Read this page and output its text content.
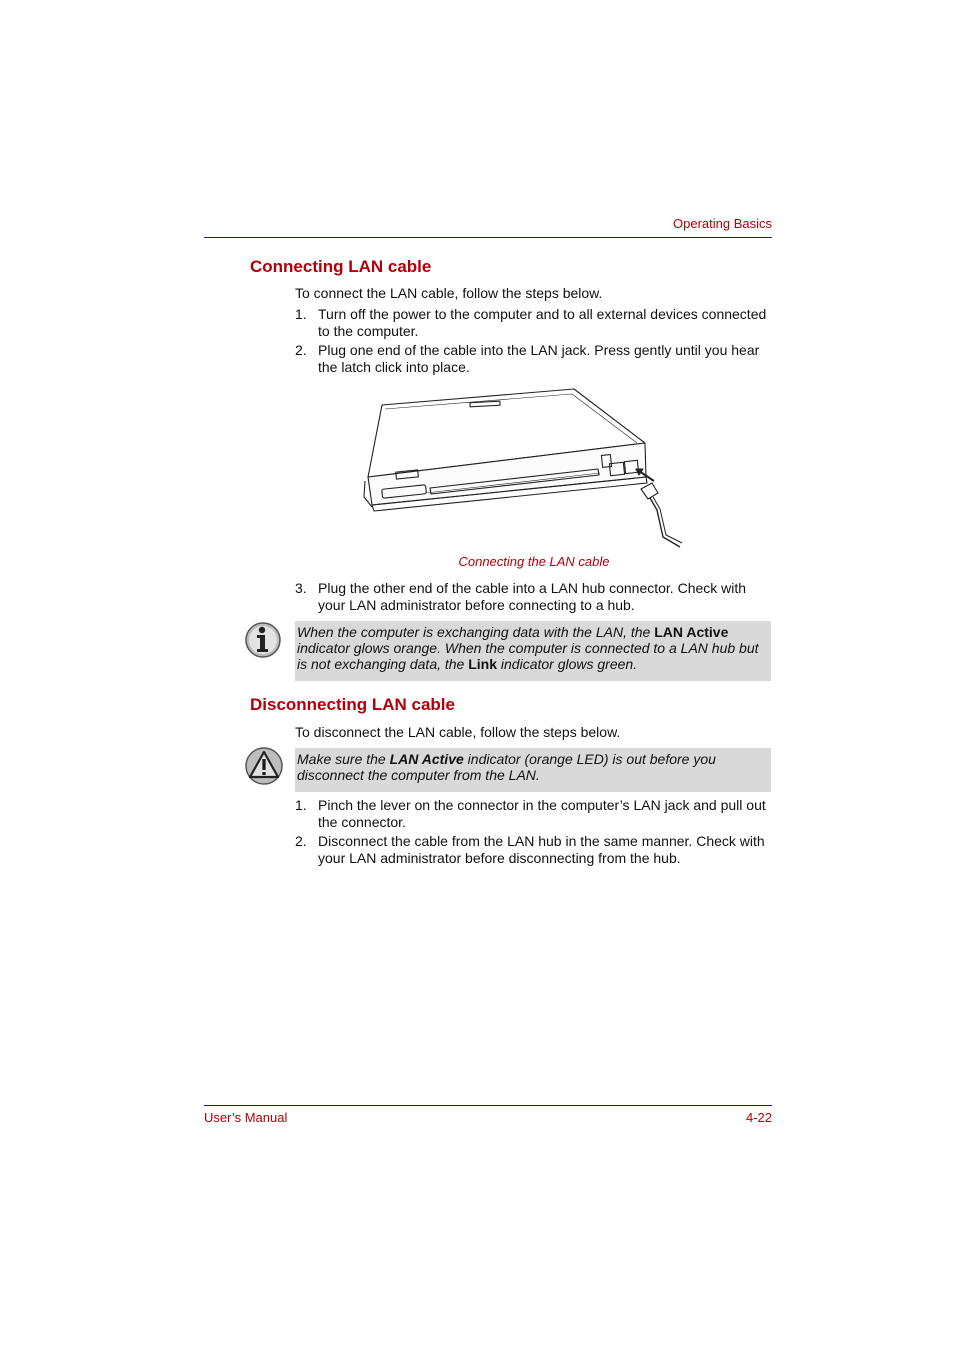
Operating Basics
Connecting LAN cable
To connect the LAN cable, follow the steps below.
1. Turn off the power to the computer and to all external devices connected to the computer.
2. Plug one end of the cable into the LAN jack. Press gently until you hear the latch click into place.
Connecting the LAN cable
3. Plug the other end of the cable into a LAN hub connector. Check with your LAN administrator before connecting to a hub.
When the computer is exchanging data with the LAN, the LAN Active indicator glows orange. When the computer is connected to a LAN hub but is not exchanging data, the Link indicator glows green.
Disconnecting LAN cable
To disconnect the LAN cable, follow the steps below.
Make sure the LAN Active indicator (orange LED) is out before you disconnect the computer from the LAN.
1. Pinch the lever on the connector in the computer’s LAN jack and pull out the connector.
2. Disconnect the cable from the LAN hub in the same manner. Check with your LAN administrator before disconnecting from the hub.
User’s Manual	4-22
